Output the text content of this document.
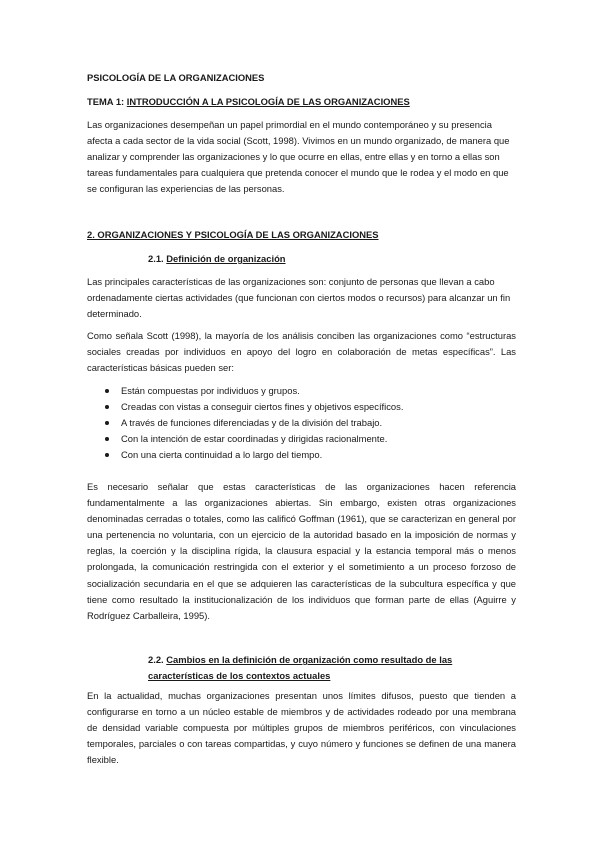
PSICOLOGÍA DE LA ORGANIZACIONES

TEMA 1: INTRODUCCIÓN A LA PSICOLOGÍA DE LAS ORGANIZACIONES

Las organizaciones desempeñan un papel primordial en el mundo contemporáneo y su presencia afecta a cada sector de la vida social (Scott, 1998). Vivimos en un mundo organizado, de manera que analizar y comprender las organizaciones y lo que ocurre en ellas, entre ellas y en torno a ellas son tareas fundamentales para cualquiera que pretenda conocer el mundo que le rodea y el modo en que se configuran las experiencias de las personas.

2. ORGANIZACIONES Y PSICOLOGÍA DE LAS ORGANIZACIONES

2.1. Definición de organización

Las principales características de las organizaciones son: conjunto de personas que llevan a cabo ordenadamente ciertas actividades (que funcionan con ciertos modos o recursos) para alcanzar un fin determinado.

Como señala Scott (1998), la mayoría de los análisis conciben las organizaciones como “estructuras sociales creadas por individuos en apoyo del logro en colaboración de metas específicas”. Las características básicas pueden ser:

Están compuestas por individuos y grupos.
Creadas con vistas a conseguir ciertos fines y objetivos específicos.
A través de funciones diferenciadas y de la división del trabajo.
Con la intención de estar coordinadas y dirigidas racionalmente.
Con una cierta continuidad a lo largo del tiempo.

Es necesario señalar que estas características de las organizaciones hacen referencia fundamentalmente a las organizaciones abiertas. Sin embargo, existen otras organizaciones denominadas cerradas o totales, como las calificó Goffman (1961), que se caracterizan en general por una pertenencia no voluntaria, con un ejercicio de la autoridad basado en la imposición de normas y reglas, la coerción y la disciplina rígida, la clausura espacial y la estancia temporal más o menos prolongada, la comunicación restringida con el exterior y el sometimiento a un proceso forzoso de socialización secundaria en el que se adquieren las características de la subcultura específica y que tiene como resultado la institucionalización de los individuos que forman parte de ellas (Aguirre y Rodríguez Carballeira, 1995).

2.2. Cambios en la definición de organización como resultado de las características de los contextos actuales

En la actualidad, muchas organizaciones presentan unos límites difusos, puesto que tienden a configurarse en torno a un núcleo estable de miembros y de actividades rodeado por una membrana de densidad variable compuesta por múltiples grupos de miembros periféricos, con vinculaciones temporales, parciales o con tareas compartidas, y cuyo número y funciones se definen de una manera flexible.
